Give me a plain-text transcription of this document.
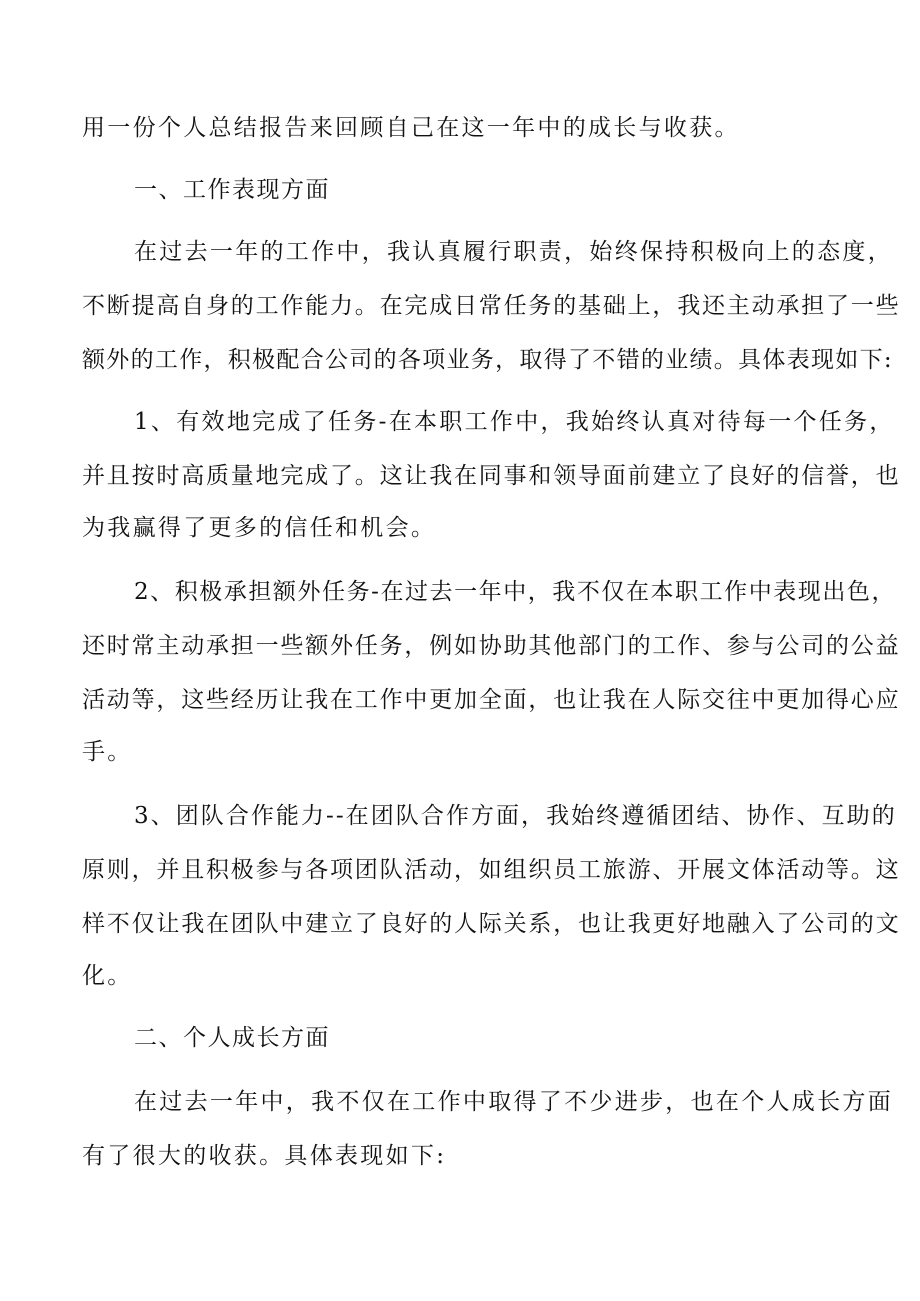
用一份个人总结报告来回顾自己在这一年中的成长与收获。

一、工作表现方面

在过去一年的工作中，我认真履行职责，始终保持积极向上的态度，

不断提高自身的工作能力。在完成日常任务的基础上，我还主动承担了一些

额外的工作，积极配合公司的各项业务，取得了不错的业绩。具体表现如下:

1、有效地完成了任务-在本职工作中，我始终认真对待每一个任务，

并且按时高质量地完成了。这让我在同事和领导面前建立了良好的信誉，也

为我赢得了更多的信任和机会。

2、积极承担额外任务-在过去一年中，我不仅在本职工作中表现出色，

还时常主动承担一些额外任务，例如协助其他部门的工作、参与公司的公益

活动等，这些经历让我在工作中更加全面，也让我在人际交往中更加得心应

手。

3、团队合作能力--在团队合作方面，我始终遵循团结、协作、互助的

原则，并且积极参与各项团队活动，如组织员工旅游、开展文体活动等。这

样不仅让我在团队中建立了良好的人际关系，也让我更好地融入了公司的文

化。

二、个人成长方面

在过去一年中，我不仅在工作中取得了不少进步，也在个人成长方面

有了很大的收获。具体表现如下:
